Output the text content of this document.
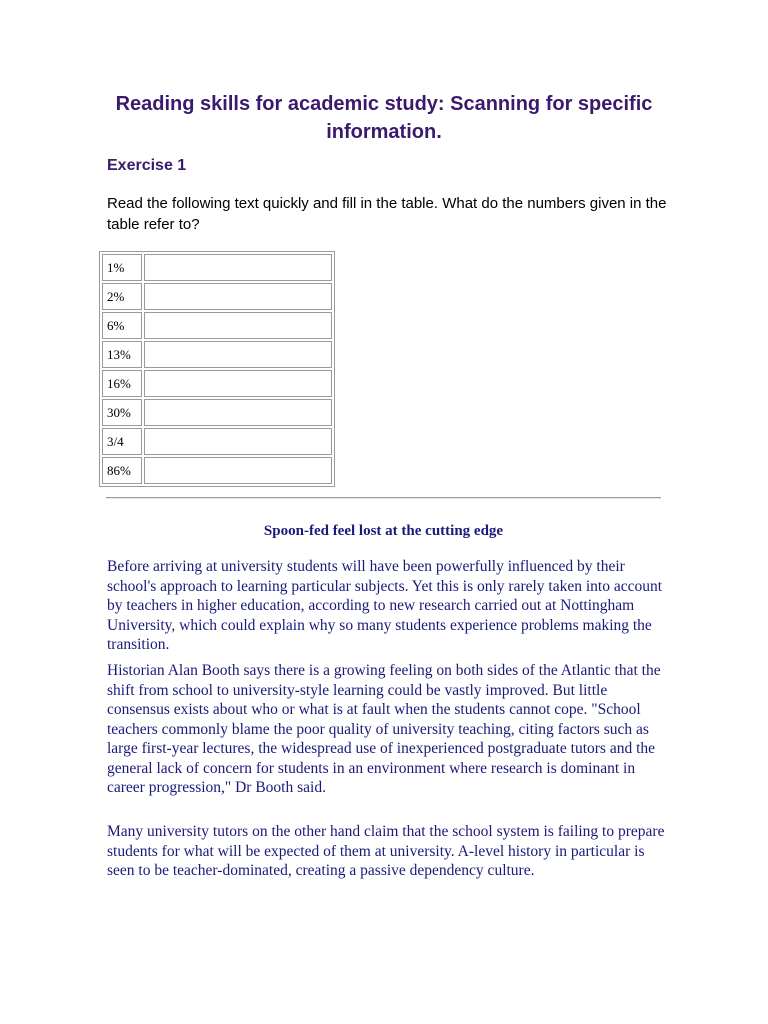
Reading skills for academic study: Scanning for specific information.
Exercise 1

Read the following text quickly and fill in the table. What do the numbers given in the table refer to?

1%	
2%	
6%	
13%	
16%	
30%	
3/4	
86%	
Spoon-fed feel lost at the cutting edge

Before arriving at university students will have been powerfully influenced by their school's approach to learning particular subjects. Yet this is only rarely taken into account by teachers in higher education, according to new research carried out at Nottingham University, which could explain why so many students experience problems making the transition.

Historian Alan Booth says there is a growing feeling on both sides of the Atlantic that the shift from school to university-style learning could be vastly improved. But little consensus exists about who or what is at fault when the students cannot cope. "School teachers commonly blame the poor quality of university teaching, citing factors such as large first-year lectures, the widespread use of inexperienced postgraduate tutors and the general lack of concern for students in an environment where research is dominant in career progression," Dr Booth said.

Many university tutors on the other hand claim that the school system is failing to prepare students for what will be expected of them at university. A-level history in particular is seen to be teacher-dominated, creating a passive dependency culture.
